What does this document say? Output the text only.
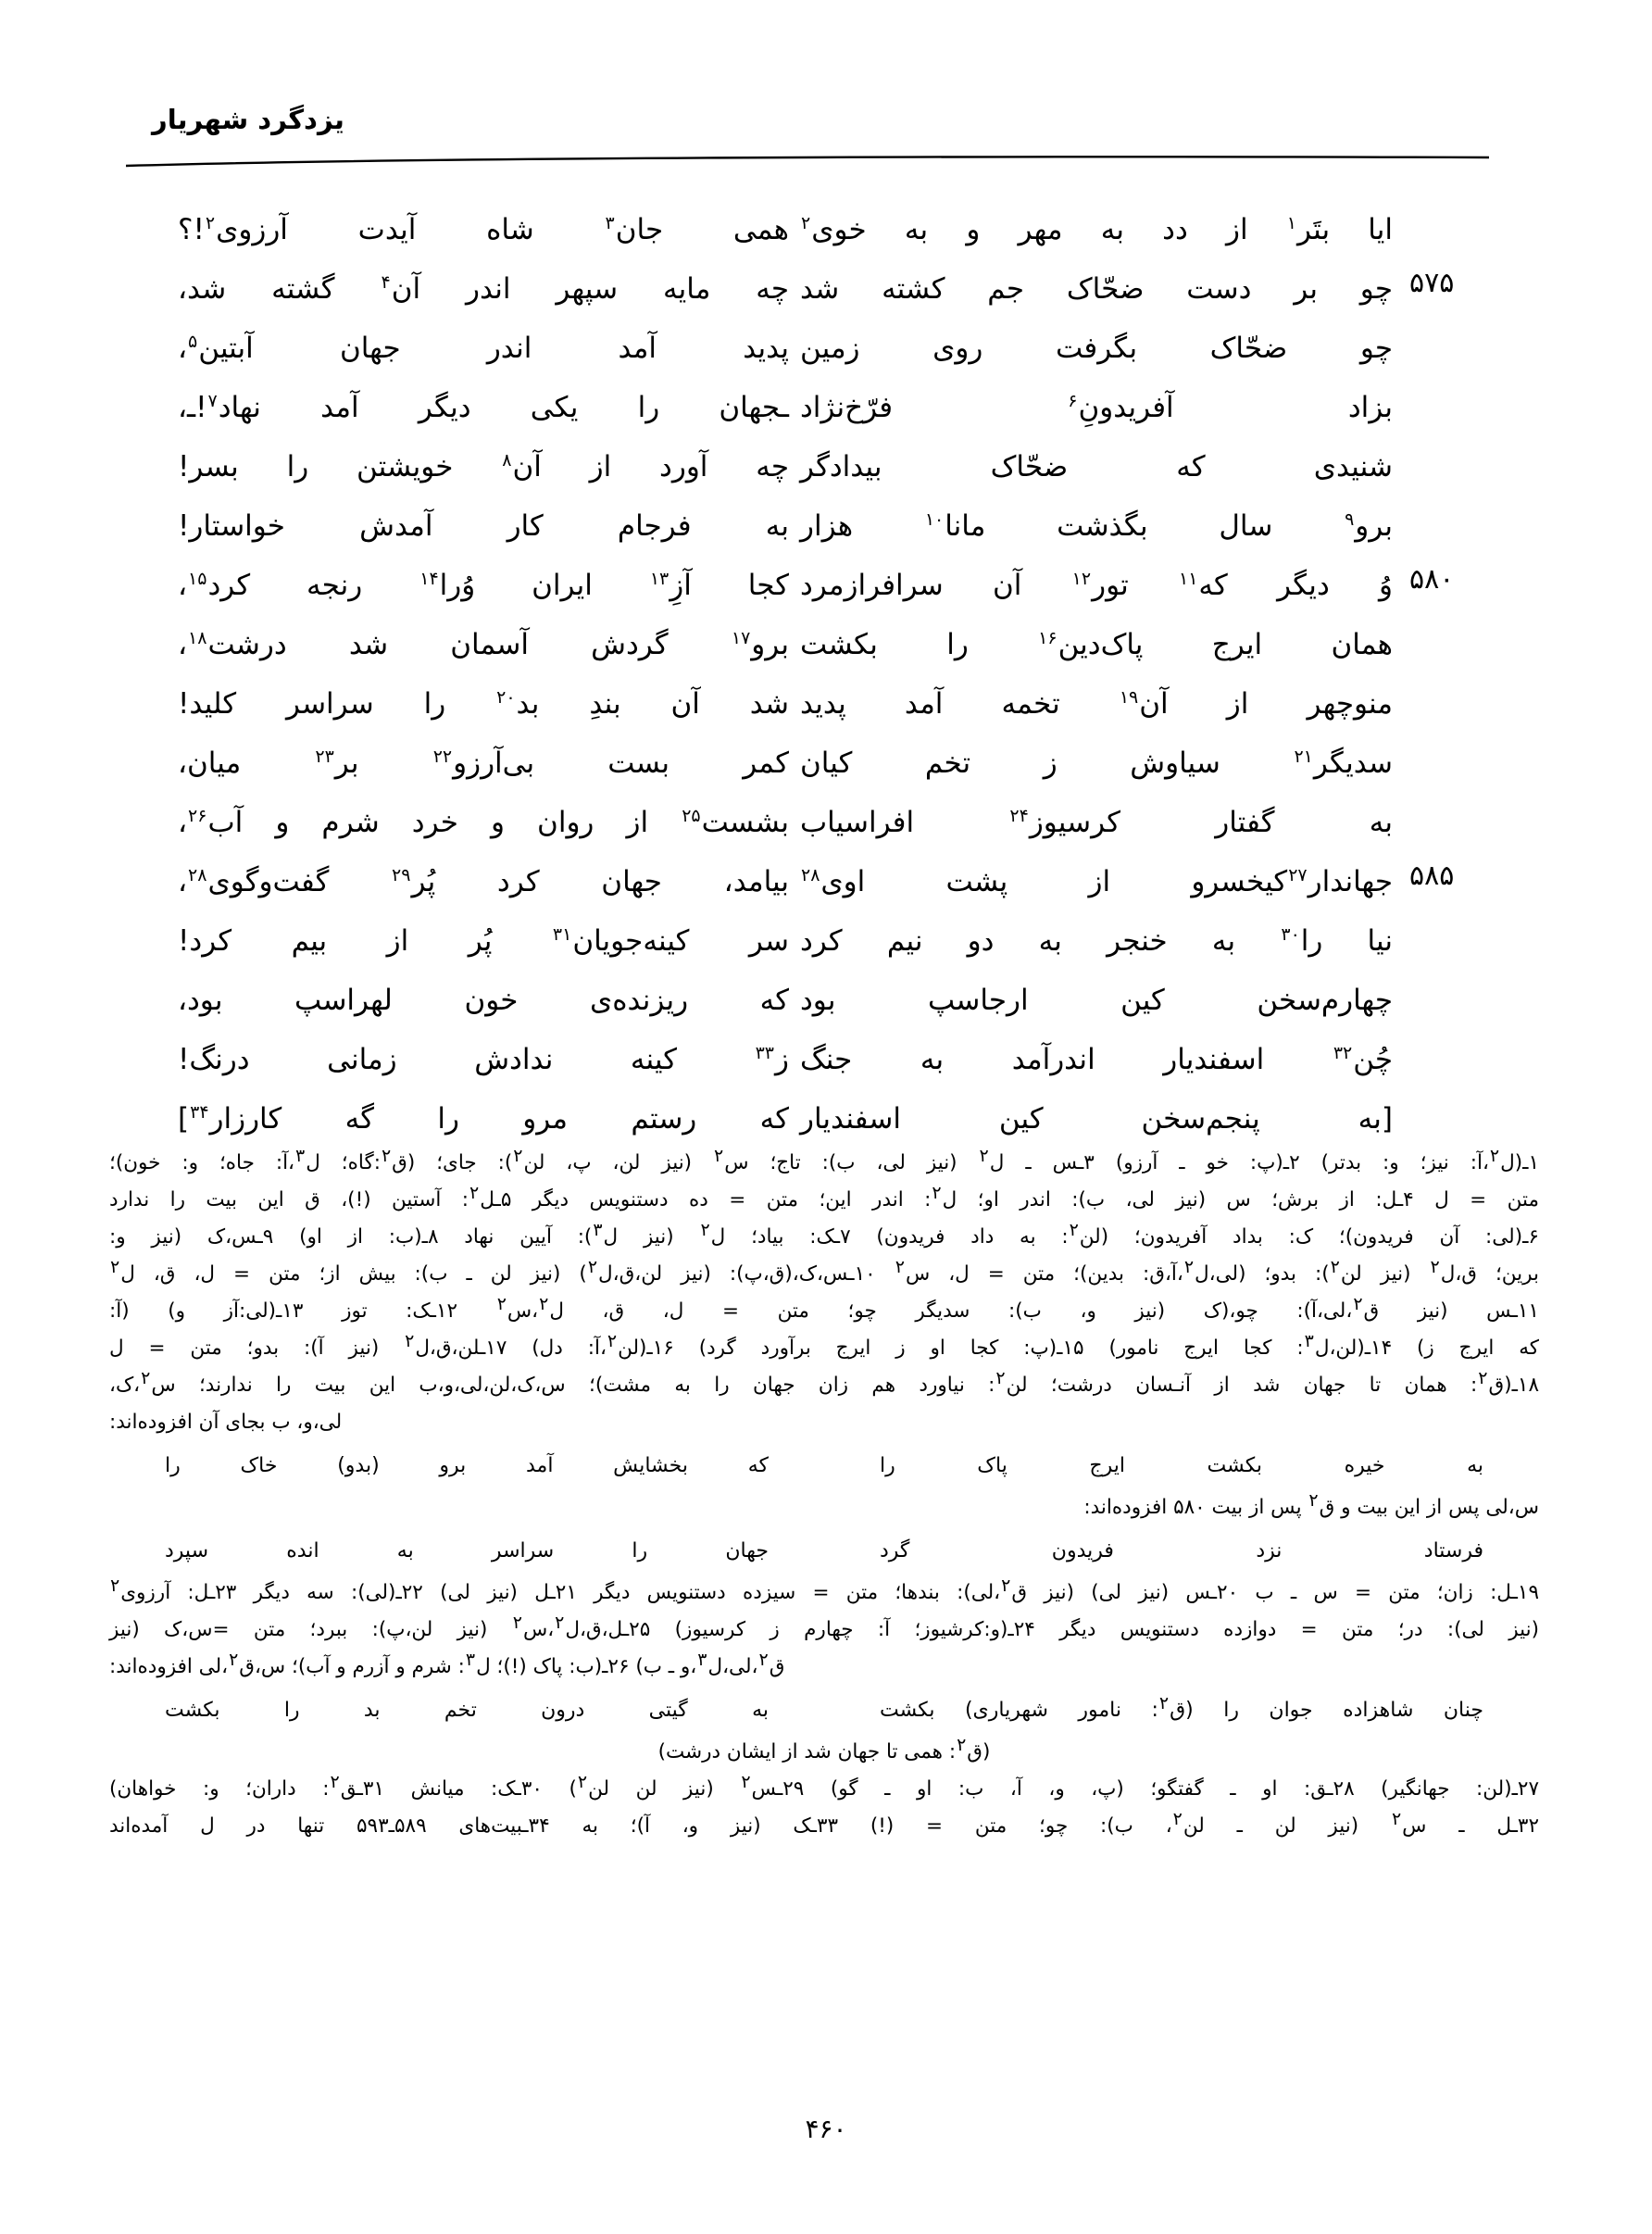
یزدگرد شهریار
ایا بتَر$^۱$ از دد به مهر و به خوی$^۲$
همی جان$^۳$ شاه آیدت آرزوی$^۲$!؟
۵۷۵
چو بر دست ضحّاک جم کشته شد
چه مایه سپهر اندر آن$^۴$ گشته شد،
چو ضحّاک بگرفت روی زمین
پدید آمد اندر جهان آبتین$^۵$،
بزاد آفریدونِ$^۶$ فرّخ‌نژاد
ـجهان را یکی دیگر آمد نهاد$^۷$!ـ،
شنیدی که ضحّاک بیدادگر
چه آورد از آن$^۸$ خویشتن را بسر!
برو$^۹$ سال بگذشت مانا$^{۱۰}$ هزار
به فرجام کار آمدش خواستار!
۵۸۰
وُ دیگر که$^{۱۱}$ تور$^{۱۲}$ آن سرافرازمرد
کجا آزِ$^{۱۳}$ ایران وُرا$^{۱۴}$ رنجه کرد$^{۱۵}$،
همان ایرج پاک‌دین$^{۱۶}$ را بکشت
برو$^{۱۷}$ گردش آسمان شد درشت$^{۱۸}$،
منوچهر از آن$^{۱۹}$ تخمه آمد پدید
شد آن بندِ بد$^{۲۰}$ را سراسر کلید!
سدیگر$^{۲۱}$ سیاوش ز تخم کیان
کمر بست بی‌آرزو$^{۲۲}$ بر$^{۲۳}$ میان،
به گفتار کرسیوز$^{۲۴}$ افراسیاب
بشست$^{۲۵}$ از روان و خرد شرم و آب$^{۲۶}$،
۵۸۵
جهاندار$^{۲۷}$کیخسرو از پشت اوی$^{۲۸}$
بیامد، جهان کرد پُر$^{۲۹}$ گفت‌وگوی$^{۲۸}$،
نیا را$^{۳۰}$ به خنجر به دو نیم کرد
سر کینه‌جویان$^{۳۱}$ پُر از بیم کرد!
چهارم‌سخن کین ارجاسپ بود
که ریزنده‌ی خون لهراسپ بود،
چُن$^{۳۲}$ اسفندیار اندرآمد به جنگ
ز$^{۳۳}$ کینه ندادش زمانی درنگ!
[به پنجم‌سخن کین اسفندیار
که رستم مرو را گه کارزار$^{۳۴}$]
۱ـ(ل$^۲$،آ: نیز؛ و: بدتر) ۲ـ(پ: خو ـ آرزو) ۳ـس ـ ل$^۲$ (نیز لی، ب): تاج؛ س$^۲$ (نیز لن، پ، لن$^۲$): جای؛ (ق$^۲$:گاه؛ ل$^۳$،آ: جاه؛ و: خون)؛
متن = ل ۴ـل: از برش؛ س (نیز لی، ب): اندر او؛ ل$^۲$: اندر این؛ متن = ده دستنویس دیگر ۵ـل$^۲$: آستین (!)، ق این بیت را ندارد
۶ـ(لی: آن فریدون)؛ ک: بداد آفریدون؛ (لن$^۲$: به داد فریدون) ۷ـک: بیاد؛ ل$^۲$ (نیز ل$^۳$): آیین نهاد ۸ـ(ب: از او) ۹ـس،ک (نیز و:
برین؛ ق،ل$^۲$ (نیز لن$^۲$): بدو؛ (لی،ل$^۲$،آ،ق: بدین)؛ متن = ل، س$^۲$ ۱۰ـس،ک،(ق،پ): (نیز لن،ق،ل$^۲$) (نیز لن ـ ب): بیش از؛ متن = ل، ق، ل$^۲$
۱۱ـس (نیز ق$^۲$،لی،آ): چو،(ک (نیز و، ب): سدیگر چو؛ متن = ل، ق، ل$^۲$،س$^۲$ ۱۲ـک: توز ۱۳ـ(لی:آز و) (آ:
که ایرج ز) ۱۴ـ(لن،ل$^۳$: کجا ایرج نامور) ۱۵ـ(پ: کجا او ز ایرج برآورد گرد) ۱۶ـ(لن$^۲$،آ: دل) ۱۷ـلن،ق،ل$^۲$ (نیز آ): بدو؛ متن = ل
۱۸ـ(ق$^۲$: همان تا جهان شد از آنـسان درشت؛ لن$^۲$: نیاورد هم زان جهان را به مشت)؛ س،ک،لن،لی،و،ب این بیت را ندارند؛ س$^۲$،ک،
لی،و، ب بجای آن افزوده‌اند:
به خیره بکشت ایرج پاک را
که بخشایش آمد برو (بدو) خاک را
س،لی پس از این بیت و ق$^۲$ پس از بیت ۵۸۰ افزوده‌اند:
فرستاد نزد فریدون گرد
جهان را سراسر به انده سپرد
۱۹ـل: زان؛ متن = س ـ ب ۲۰ـس (نیز لی) (نیز ق$^۲$،لی): بندها؛ متن = سیزده دستنویس دیگر ۲۱ـل (نیز لی) ۲۲ـ(لی): سه دیگر ۲۳ـل: آرزوی$^۲$
(نیز لی): در؛ متن = دوازده دستنویس دیگر ۲۴ـ(و:کرشیوز؛ آ: چهارم ز کرسیوز) ۲۵ـل،ق،ل$^۲$،س$^۲$ (نیز لن،پ): ببرد؛ متن =س،ک (نیز
ق$^۲$،لی،ل$^۳$،و ـ ب) ۲۶ـ(ب: پاک (!)؛ ل$^۳$: شرم و آزرم و آب)؛ س،ق$^۲$،لی افزوده‌اند:
چنان شاهزاده جوان را (ق$^۲$: نامور شهریاری) بکشت
به گیتی درون تخم بد را بکشت
(ق$^۲$: همی تا جهان شد از ایشان درشت)
۲۷ـ(لن: جهانگیر) ۲۸ـق: او ـ گفتگو؛ (پ، و، آ، ب: او ـ گو) ۲۹ـس$^۲$ (نیز لن لن$^۲$) ۳۰ـک: میانش ۳۱ـق$^۲$: داران؛ و: خواهان)
۳۲ـل ـ س$^۲$ (نیز لن ـ لن$^۲$، ب): چو؛ متن = (!) ۳۳ـک (نیز و، آ)؛ به ۳۴ـبیت‌های ۵۸۹ـ۵۹۳ تنها در ل آمده‌اند
۴۶۰
